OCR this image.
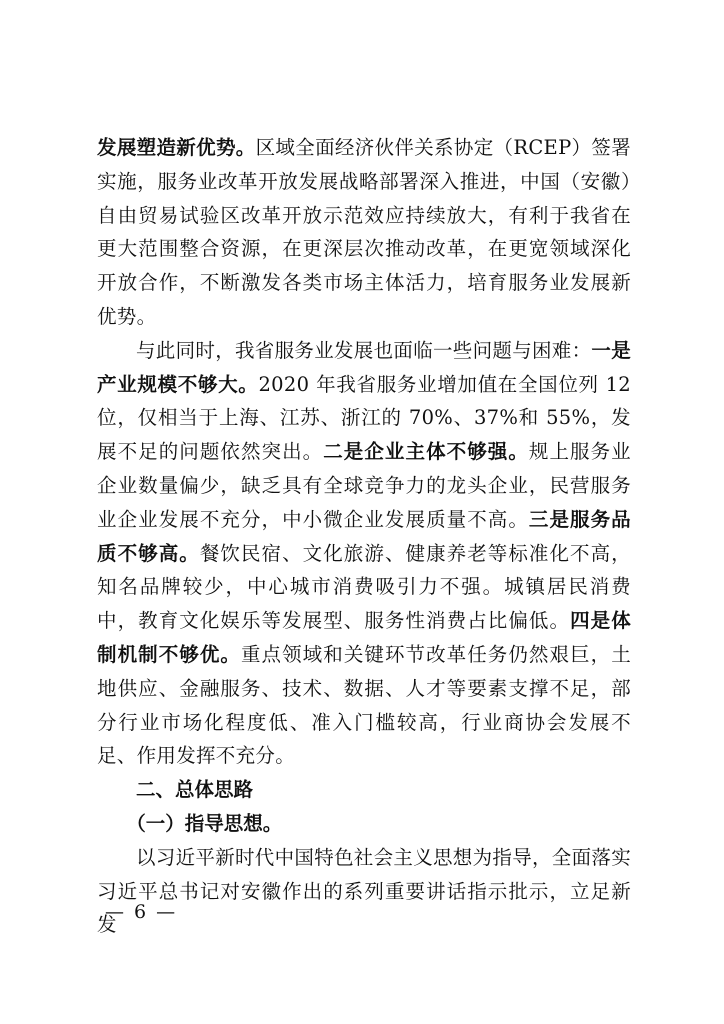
发展塑造新优势。区域全面经济伙伴关系协定（RCEP）签署实施，服务业改革开放发展战略部署深入推进，中国（安徽）自由贸易试验区改革开放示范效应持续放大，有利于我省在更大范围整合资源，在更深层次推动改革，在更宽领域深化开放合作，不断激发各类市场主体活力，培育服务业发展新优势。

与此同时，我省服务业发展也面临一些问题与困难：一是产业规模不够大。2020 年我省服务业增加值在全国位列 12 位，仅相当于上海、江苏、浙江的 70%、37%和 55%，发展不足的问题依然突出。二是企业主体不够强。规上服务业企业数量偏少，缺乏具有全球竞争力的龙头企业，民营服务业企业发展不充分，中小微企业发展质量不高。三是服务品质不够高。餐饮民宿、文化旅游、健康养老等标准化不高，知名品牌较少，中心城市消费吸引力不强。城镇居民消费中，教育文化娱乐等发展型、服务性消费占比偏低。四是体制机制不够优。重点领域和关键环节改革任务仍然艰巨，土地供应、金融服务、技术、数据、人才等要素支撑不足，部分行业市场化程度低、准入门槛较高，行业商协会发展不足、作用发挥不充分。

二、总体思路

（一）指导思想。

以习近平新时代中国特色社会主义思想为指导，全面落实习近平总书记对安徽作出的系列重要讲话指示批示，立足新发

— 6 —
